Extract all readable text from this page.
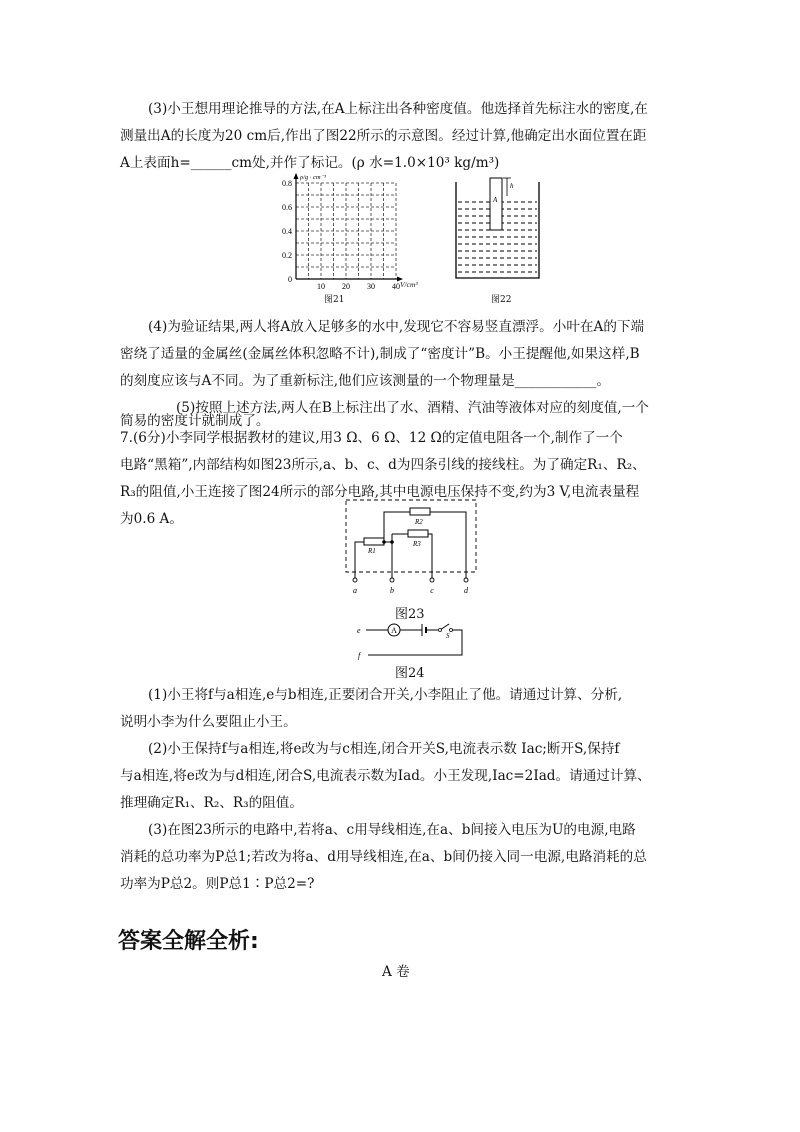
(3)小王想用理论推导的方法,在A上标注出各种密度值。他选择首先标注水的密度,在
测量出A的长度为20 cm后,作出了图22所示的示意图。经过计算,他确定出水面位置在距
A上表面h=______cm处,并作了标记。(ρ 水=1.0×10³ kg/m³)
0.8
0.6
0.4
0.2
0
10 20 30 40
ρ/g · cm⁻³
V/cm³
图21
h
A
图22
(4)为验证结果,两人将A放入足够多的水中,发现它不容易竖直漂浮。小叶在A的下端
密绕了适量的金属丝(金属丝体积忽略不计),制成了“密度计”B。小王提醒他,如果这样,B
的刻度应该与A不同。为了重新标注,他们应该测量的一个物理量是____________。
(5)按照上述方法,两人在B上标注出了水、酒精、汽油等液体对应的刻度值,一个
简易的密度计就制成了。
7.(6分)小李同学根据教材的建议,用3 Ω、6 Ω、12 Ω的定值电阻各一个,制作了一个
电路“黑箱”,内部结构如图23所示,a、b、c、d为四条引线的接线柱。为了确定R₁、R₂、
R₃的阻值,小王连接了图24所示的部分电路,其中电源电压保持不变,约为3 V,电流表量程
为0.6 A。
R1
R2
R3
a	b	c	d
图23
A
S
e
f
图24
(1)小王将f与a相连,e与b相连,正要闭合开关,小李阻止了他。请通过计算、分析,
说明小李为什么要阻止小王。
(2)小王保持f与a相连,将e改为与c相连,闭合开关S,电流表示数 Iac;断开S,保持f
与a相连,将e改为与d相连,闭合S,电流表示数为Iad。小王发现,Iac=2Iad。请通过计算、
推理确定R₁、R₂、R₃的阻值。
(3)在图23所示的电路中,若将a、c用导线相连,在a、b间接入电压为U的电源,电路
消耗的总功率为P总1;若改为将a、d用导线相连,在a、b间仍接入同一电源,电路消耗的总
功率为P总2。则P总1∶P总2=?
答案全解全析:
A 卷
